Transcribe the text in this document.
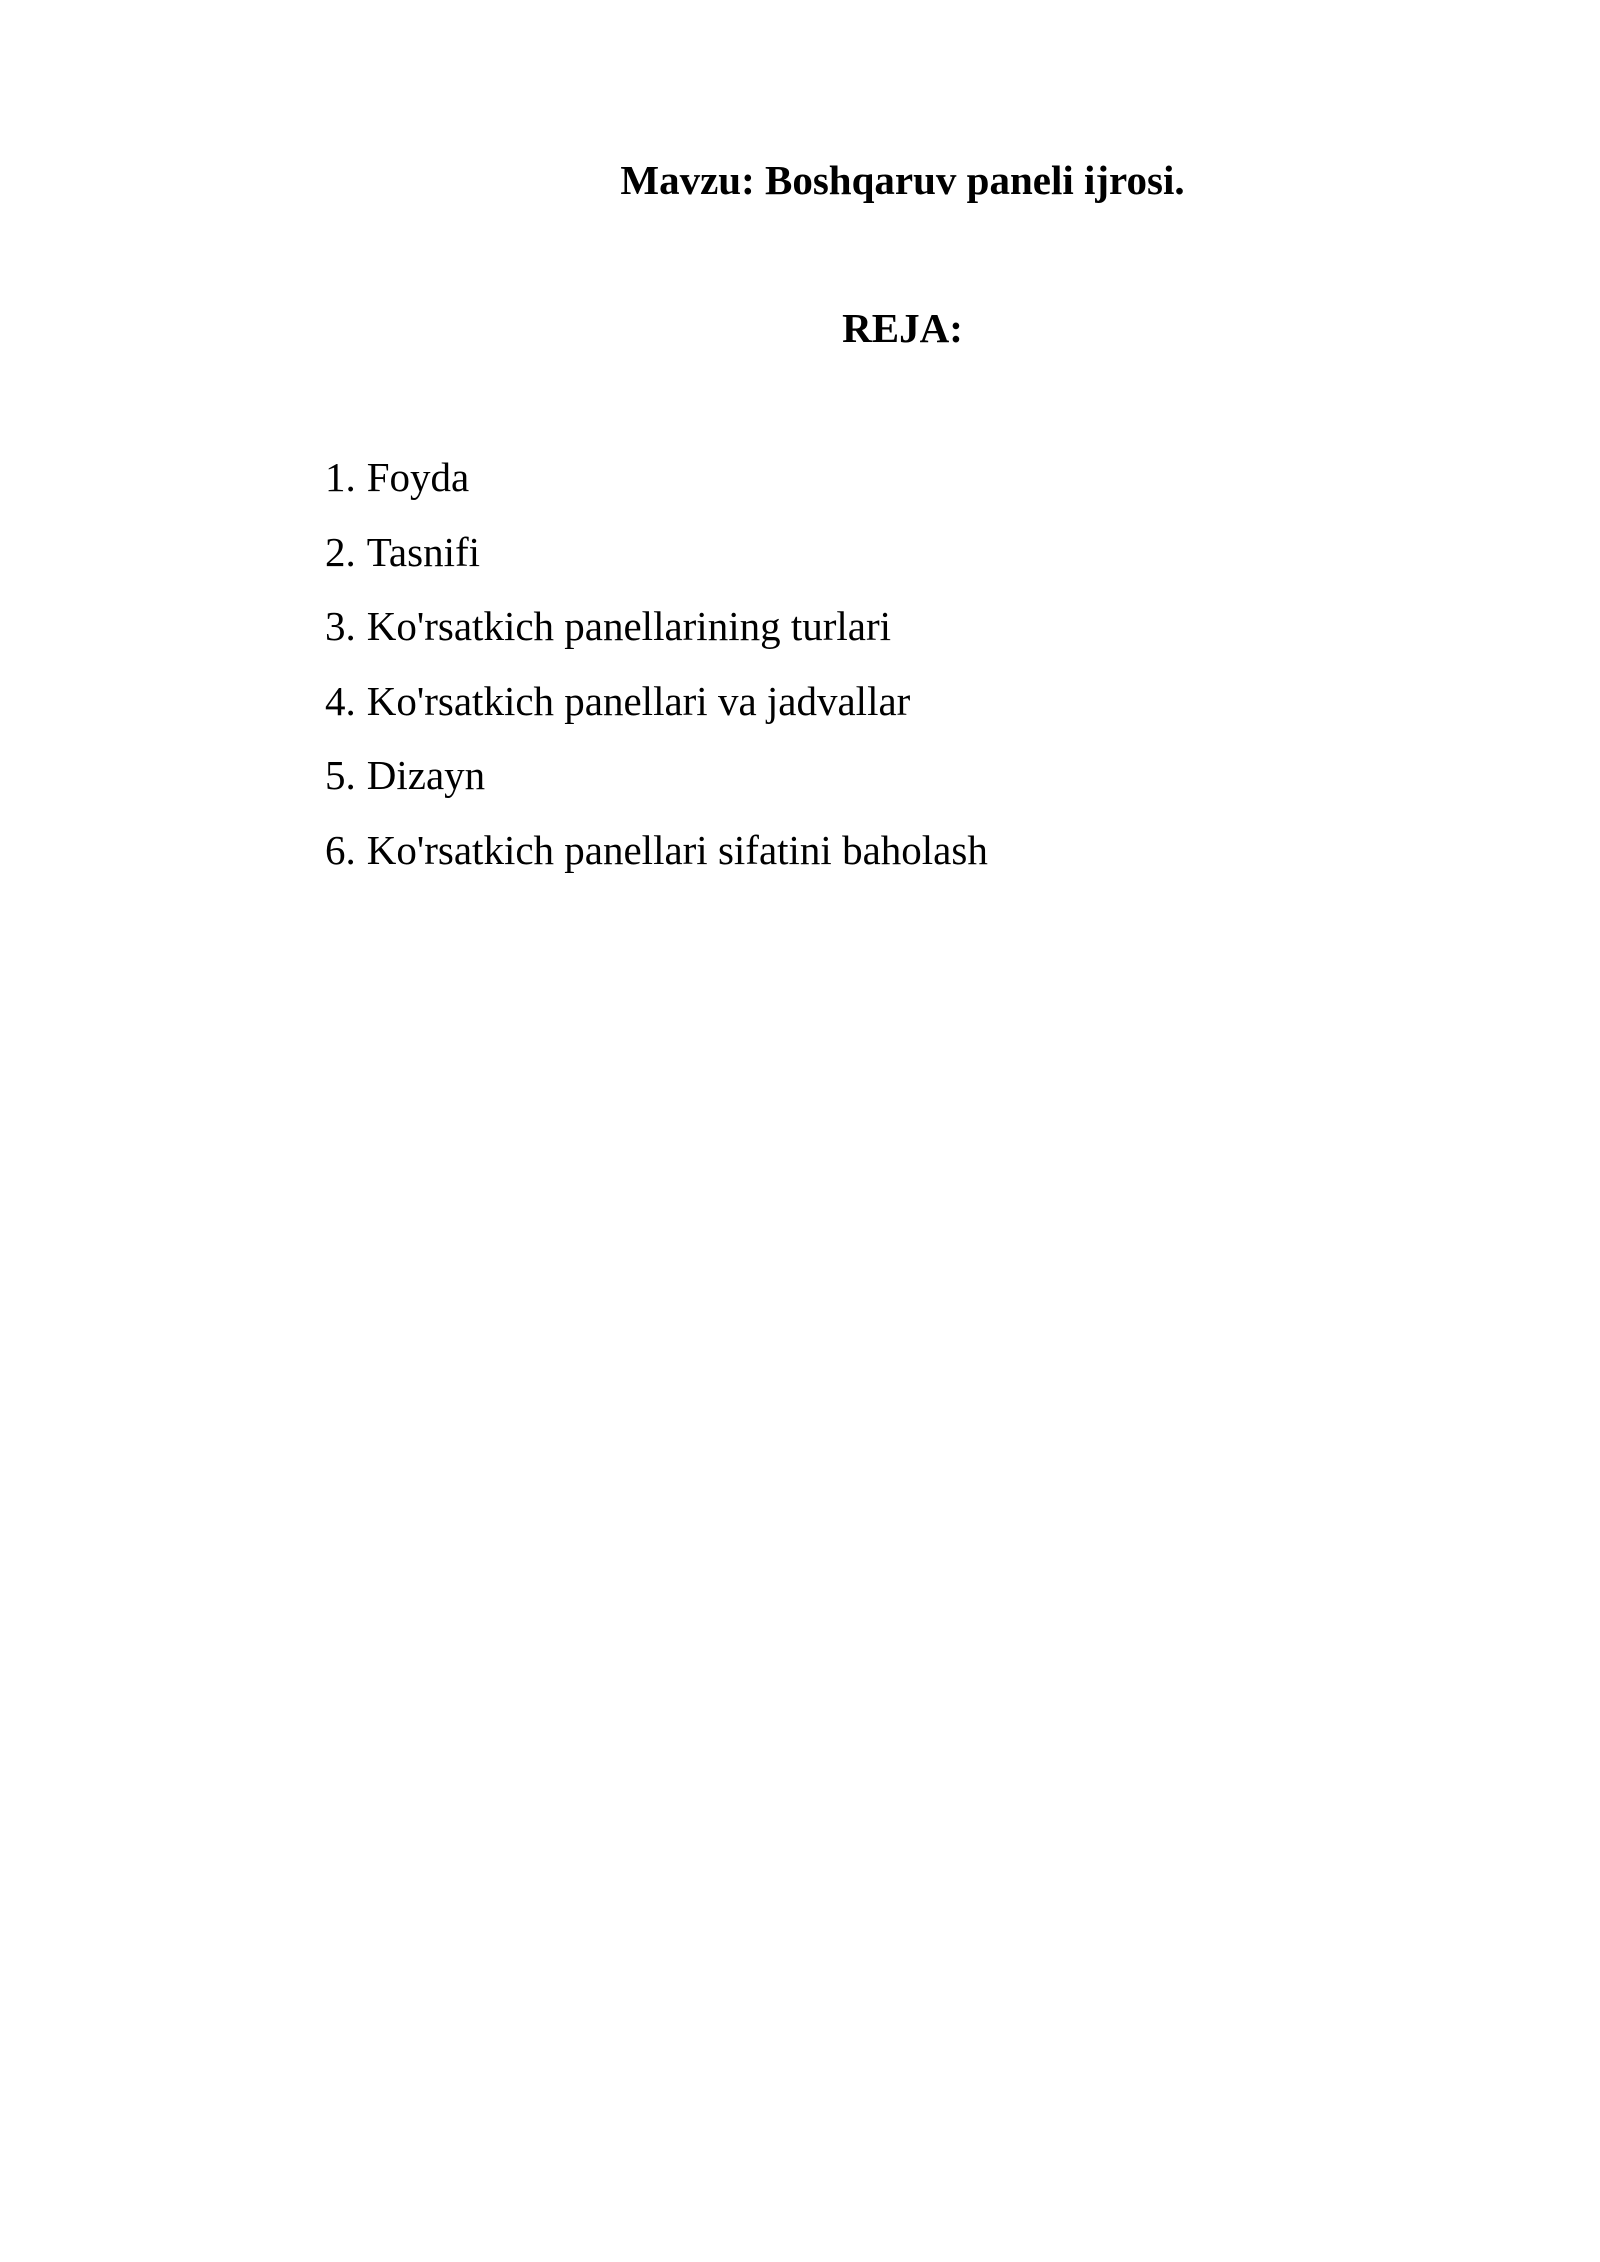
Mavzu: Boshqaruv paneli ijrosi.
REJA:
1. Foyda
2. Tasnifi
3. Ko'rsatkich panellarining turlari
4. Ko'rsatkich panellari va jadvallar
5. Dizayn
6. Ko'rsatkich panellari sifatini baholash
